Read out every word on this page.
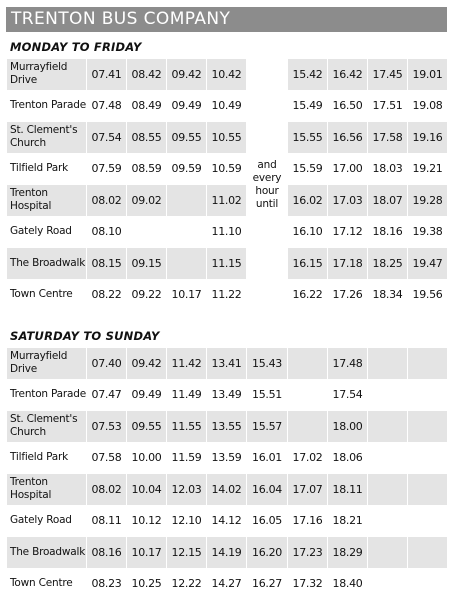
TRENTON BUS COMPANY
MONDAY TO FRIDAY
Murrayfield Drive	07.41	08.42	09.42	10.42	and every hour until	15.42	16.42	17.45	19.01
Trenton Parade	07.48	08.49	09.49	10.49		15.49	16.50	17.51	19.08
St. Clement's Church	07.54	08.55	09.55	10.55		15.55	16.56	17.58	19.16
Tilfield Park	07.59	08.59	09.59	10.59		15.59	17.00	18.03	19.21
Trenton Hospital	08.02	09.02		11.02		16.02	17.03	18.07	19.28
Gately Road	08.10			11.10		16.10	17.12	18.16	19.38
The Broadwalk	08.15	09.15		11.15		16.15	17.18	18.25	19.47
Town Centre	08.22	09.22	10.17	11.22		16.22	17.26	18.34	19.56
SATURDAY TO SUNDAY
Murrayfield Drive	07.40	09.42	11.42	13.41	15.43		17.48		
Trenton Parade	07.47	09.49	11.49	13.49	15.51		17.54		
St. Clement's Church	07.53	09.55	11.55	13.55	15.57		18.00		
Tilfield Park	07.58	10.00	11.59	13.59	16.01	17.02	18.06		
Trenton Hospital	08.02	10.04	12.03	14.02	16.04	17.07	18.11		
Gately Road	08.11	10.12	12.10	14.12	16.05	17.16	18.21		
The Broadwalk	08.16	10.17	12.15	14.19	16.20	17.23	18.29		
Town Centre	08.23	10.25	12.22	14.27	16.27	17.32	18.40		
